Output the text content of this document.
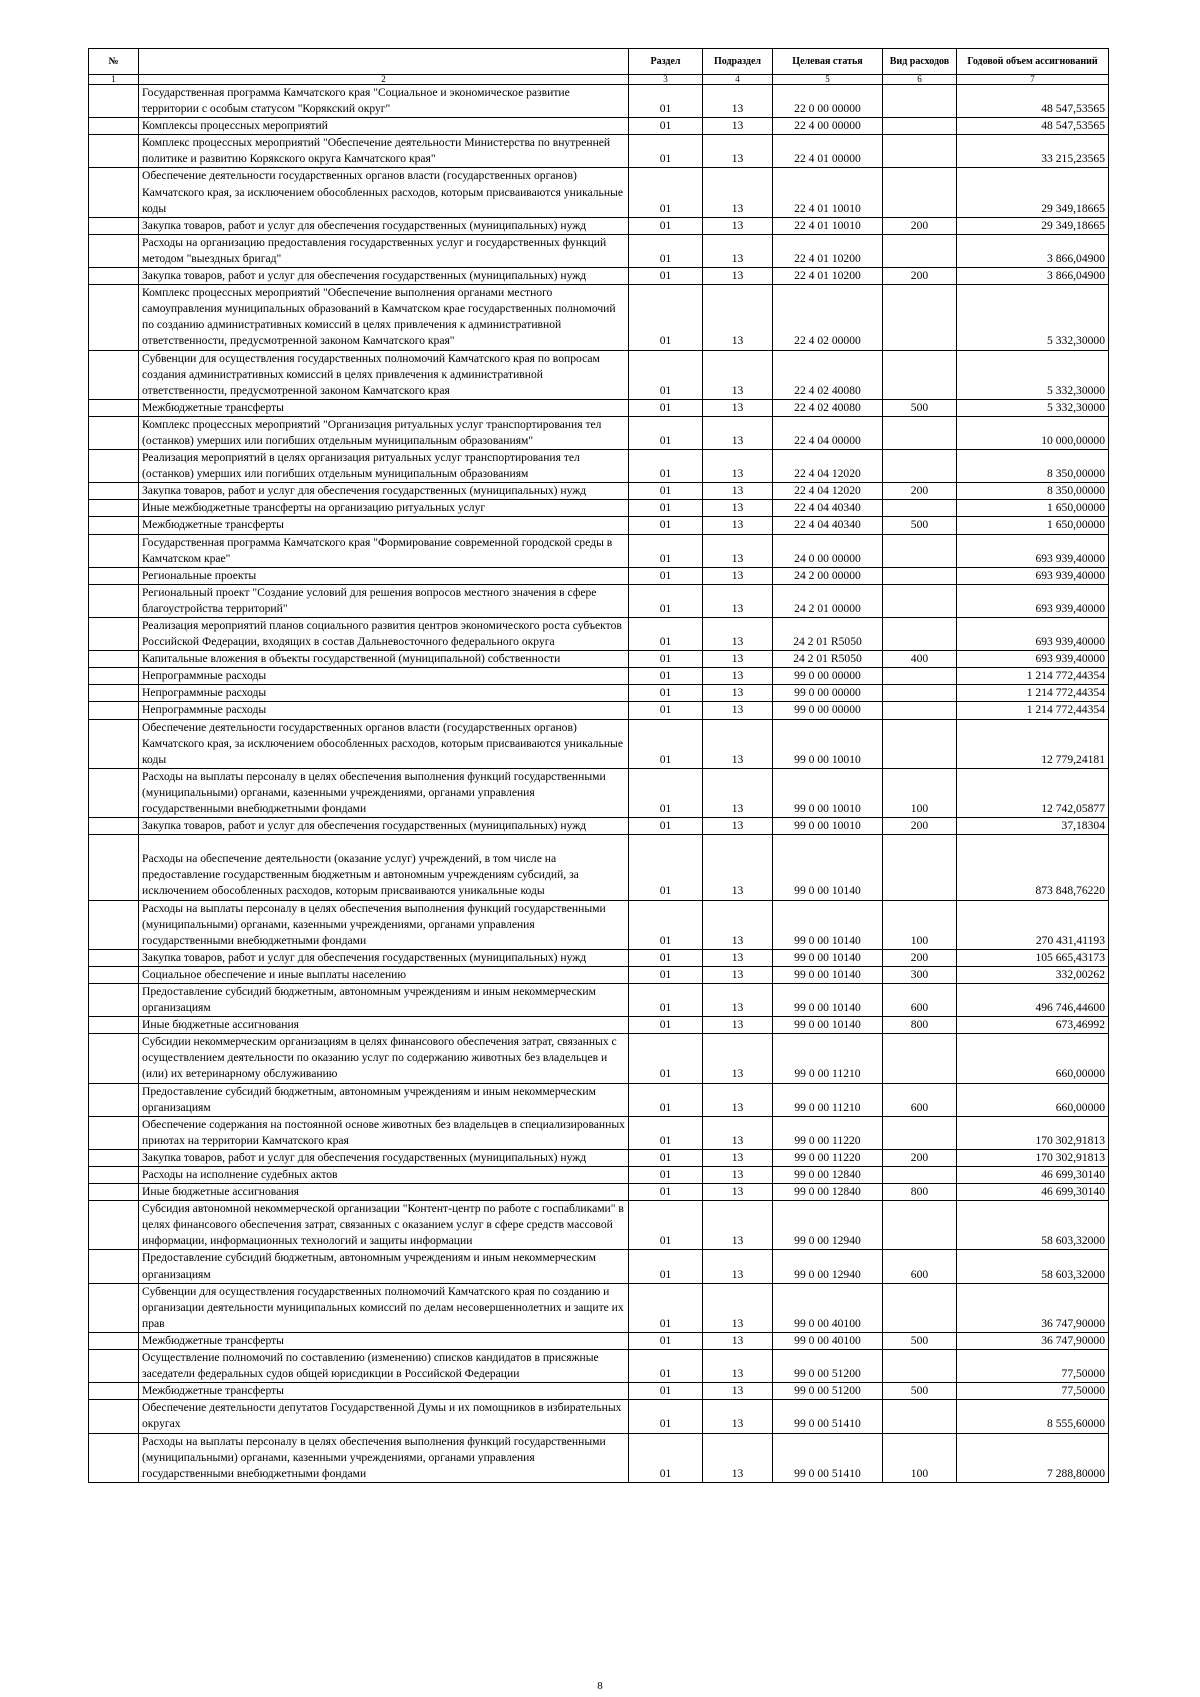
№		Раздел	Подраздел	Целевая статья	Вид расходов	Годовой объем ассигнований
1	2	3	4	5	6	7
	Государственная программа Камчатского края "Социальное и экономическое развитие территории с особым статусом "Корякский округ"	01	13	22 0 00 00000		48 547,53565
	Комплексы процессных мероприятий	01	13	22 4 00 00000		48 547,53565
	Комплекс процессных мероприятий "Обеспечение деятельности Министерства по внутренней политике и развитию Корякского округа Камчатского края"	01	13	22 4 01 00000		33 215,23565
	Обеспечение деятельности государственных органов власти (государственных органов) Камчатского края, за исключением обособленных расходов, которым присваиваются уникальные коды	01	13	22 4 01 10010		29 349,18665
	Закупка товаров, работ и услуг для обеспечения государственных (муниципальных) нужд	01	13	22 4 01 10010	200	29 349,18665
	Расходы на организацию предоставления государственных услуг и государственных функций методом "выездных бригад"	01	13	22 4 01 10200		3 866,04900
	Закупка товаров, работ и услуг для обеспечения государственных (муниципальных) нужд	01	13	22 4 01 10200	200	3 866,04900
	Комплекс процессных мероприятий "Обеспечение выполнения органами местного самоуправления муниципальных образований в Камчатском крае государственных полномочий по созданию административных комиссий в целях привлечения к административной ответственности, предусмотренной законом Камчатского края"	01	13	22 4 02 00000		5 332,30000
	Субвенции для осуществления государственных полномочий Камчатского края по вопросам создания административных комиссий в целях привлечения к административной ответственности, предусмотренной законом Камчатского края	01	13	22 4 02 40080		5 332,30000
	Межбюджетные трансферты	01	13	22 4 02 40080	500	5 332,30000
	Комплекс процессных мероприятий "Организация ритуальных услуг транспортирования тел (останков) умерших или погибших отдельным муниципальным образованиям"	01	13	22 4 04 00000		10 000,00000
	Реализация мероприятий в целях организация ритуальных услуг транспортирования тел (останков) умерших или погибших отдельным муниципальным образованиям	01	13	22 4 04 12020		8 350,00000
	Закупка товаров, работ и услуг для обеспечения государственных (муниципальных) нужд	01	13	22 4 04 12020	200	8 350,00000
	Иные межбюджетные трансферты на организацию ритуальных услуг	01	13	22 4 04 40340		1 650,00000
	Межбюджетные трансферты	01	13	22 4 04 40340	500	1 650,00000
	Государственная программа Камчатского края "Формирование современной городской среды в Камчатском крае"	01	13	24 0 00 00000		693 939,40000
	Региональные проекты	01	13	24 2 00 00000		693 939,40000
	Региональный проект "Создание условий для решения вопросов местного значения в сфере благоустройства территорий"	01	13	24 2 01 00000		693 939,40000
	Реализация мероприятий планов социального развития центров экономического роста субъектов Российской Федерации, входящих в состав Дальневосточного федерального округа	01	13	24 2 01 R5050		693 939,40000
	Капитальные вложения в объекты государственной (муниципальной) собственности	01	13	24 2 01 R5050	400	693 939,40000
	Непрограммные расходы	01	13	99 0 00 00000		1 214 772,44354
	Непрограммные расходы	01	13	99 0 00 00000		1 214 772,44354
	Непрограммные расходы	01	13	99 0 00 00000		1 214 772,44354
	Обеспечение деятельности государственных органов власти (государственных органов) Камчатского края, за исключением обособленных расходов, которым присваиваются уникальные коды	01	13	99 0 00 10010		12 779,24181
	Расходы на выплаты персоналу в целях обеспечения выполнения функций государственными (муниципальными) органами, казенными учреждениями, органами управления государственными внебюджетными фондами	01	13	99 0 00 10010	100	12 742,05877
	Закупка товаров, работ и услуг для обеспечения государственных (муниципальных) нужд	01	13	99 0 00 10010	200	37,18304
	Расходы на обеспечение деятельности (оказание услуг) учреждений, в том числе на предоставление государственным бюджетным и автономным учреждениям субсидий, за исключением обособленных расходов, которым присваиваются уникальные коды	01	13	99 0 00 10140		873 848,76220
	Расходы на выплаты персоналу в целях обеспечения выполнения функций государственными (муниципальными) органами, казенными учреждениями, органами управления государственными внебюджетными фондами	01	13	99 0 00 10140	100	270 431,41193
	Закупка товаров, работ и услуг для обеспечения государственных (муниципальных) нужд	01	13	99 0 00 10140	200	105 665,43173
	Социальное обеспечение и иные выплаты населению	01	13	99 0 00 10140	300	332,00262
	Предоставление субсидий бюджетным, автономным учреждениям и иным некоммерческим организациям	01	13	99 0 00 10140	600	496 746,44600
	Иные бюджетные ассигнования	01	13	99 0 00 10140	800	673,46992
	Субсидии некоммерческим организациям в целях финансового обеспечения затрат, связанных с осуществлением деятельности по оказанию услуг по содержанию животных без владельцев и (или) их ветеринарному обслуживанию	01	13	99 0 00 11210		660,00000
	Предоставление субсидий бюджетным, автономным учреждениям и иным некоммерческим организациям	01	13	99 0 00 11210	600	660,00000
	Обеспечение содержания на постоянной основе животных без владельцев в специализированных приютах на территории Камчатского края	01	13	99 0 00 11220		170 302,91813
	Закупка товаров, работ и услуг для обеспечения государственных (муниципальных) нужд	01	13	99 0 00 11220	200	170 302,91813
	Расходы на исполнение судебных актов	01	13	99 0 00 12840		46 699,30140
	Иные бюджетные ассигнования	01	13	99 0 00 12840	800	46 699,30140
	Субсидия автономной некоммерческой организации "Контент-центр по работе с госпабликами" в целях финансового обеспечения затрат, связанных с оказанием услуг в сфере средств массовой информации, информационных технологий и защиты информации	01	13	99 0 00 12940		58 603,32000
	Предоставление субсидий бюджетным, автономным учреждениям и иным некоммерческим организациям	01	13	99 0 00 12940	600	58 603,32000
	Субвенции для осуществления государственных полномочий Камчатского края по созданию и организации деятельности муниципальных комиссий по делам несовершеннолетних и защите их прав	01	13	99 0 00 40100		36 747,90000
	Межбюджетные трансферты	01	13	99 0 00 40100	500	36 747,90000
	Осуществление полномочий по составлению (изменению) списков кандидатов в присяжные заседатели федеральных судов общей юрисдикции в Российской Федерации	01	13	99 0 00 51200		77,50000
	Межбюджетные трансферты	01	13	99 0 00 51200	500	77,50000
	Обеспечение деятельности депутатов Государственной Думы и их помощников в избирательных округах	01	13	99 0 00 51410		8 555,60000
	Расходы на выплаты персоналу в целях обеспечения выполнения функций государственными (муниципальными) органами, казенными учреждениями, органами управления государственными внебюджетными фондами	01	13	99 0 00 51410	100	7 288,80000
8
